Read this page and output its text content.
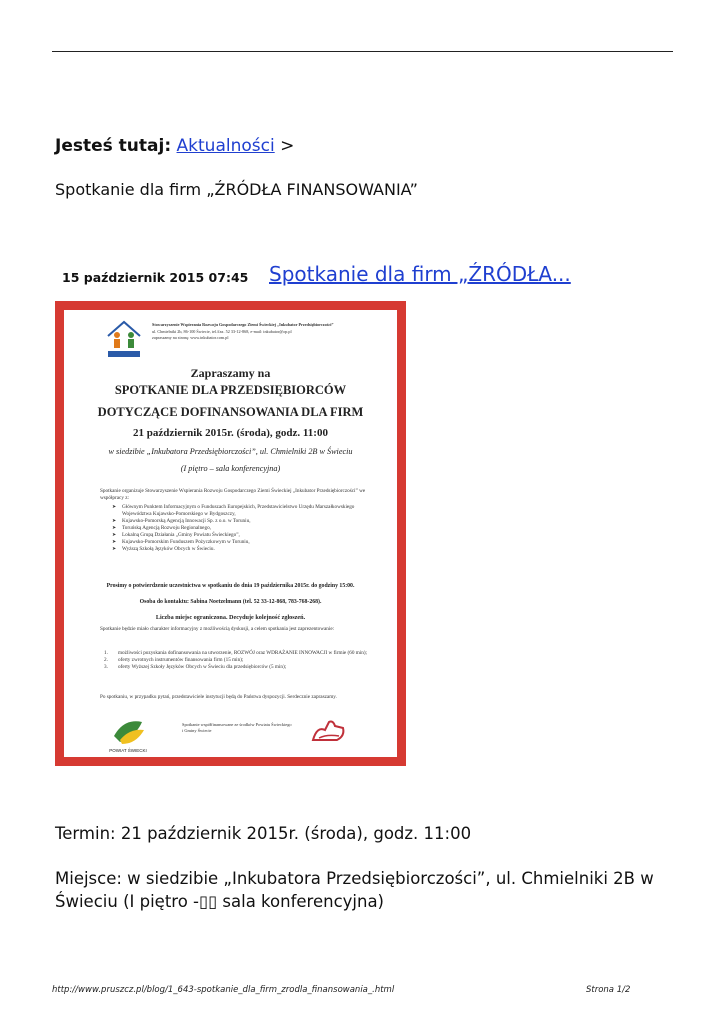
Jesteś tutaj: Aktualności >
Spotkanie dla firm „ŹRÓDŁA FINANSOWANIA”
15 październik 2015 07:45	Spotkanie dla firm „ŹRÓDŁA...
Stowarzyszenie Wspierania Rozwoju Gospodarczego Ziemi Świeckiej „Inkubator Przedsiębiorczości”
ul. Chmielniki 2b, 86-100 Świecie, tel./fax. 52 33-12-868, e-mail: inkubator@op.pl
zapraszamy na stronę: www.inkubator.com.pl
Zapraszamy na
SPOTKANIE DLA PRZEDSIĘBIORCÓW
DOTYCZĄCE DOFINANSOWANIA DLA FIRM
21 październik 2015r. (środa), godz. 11:00
w siedzibie „Inkubatora Przedsiębiorczości”, ul. Chmielniki 2B w Świeciu
(I piętro – sala konferencyjna)
Spotkanie organizuje Stowarzyszenie Wspierania Rozwoju Gospodarczego Ziemi Świeckiej „Inkubator Przedsiębiorczości” we współpracy z:
➤ Głównym Punktem Informacyjnym o Funduszach Europejskich, Przedstawicielstwo Urzędu Marszałkowskiego Województwa Kujawsko-Pomorskiego w Bydgoszczy,
➤ Kujawsko-Pomorską Agencją Innowacji Sp. z o.o. w Toruniu,
➤ Toruńską Agencją Rozwoju Regionalnego,
➤ Lokalną Grupą Działania „Gminy Powiatu Świeckiego”,
➤ Kujawsko-Pomorskim Funduszem Pożyczkowym w Toruniu,
➤ Wyższą Szkołą Języków Obcych w Świeciu.
Prosimy o potwierdzenie uczestnictwa w spotkaniu do dnia 19 października 2015r. do godziny 15:00.
Osoba do kontaktu: Sabina Noetzelmann (tel. 52 33-12-868, 783-768-268).
Liczba miejsc ograniczona. Decyduje kolejność zgłoszeń.
Spotkanie będzie miało charakter informacyjny z możliwością dyskusji, a celem spotkania jest zaprezentowanie:
1. możliwości pozyskania dofinansowania na utworzenie, ROZWÓJ oraz WDRAŻANIE INNOWACJI w firmie (60 min);
2. oferty zwrotnych instrumentów finansowania firm (15 min);
3. oferty Wyższej Szkoły Języków Obcych w Świeciu dla przedsiębiorców (5 min);
Po spotkaniu, w przypadku pytań, przedstawiciele instytucji będą do Państwa dyspozycji. Serdecznie zapraszamy.
POWIAT ŚWIECKI
Spotkanie współfinansowane ze środków Powiatu Świeckiego i Gminy Świecie
Termin: 21 październik 2015r. (środa), godz. 11:00
Miejsce: w siedzibie „Inkubatora Przedsiębiorczości”, ul. Chmielniki 2B w Świeciu (I piętro -▯▯ sala konferencyjna)
http://www.pruszcz.pl/blog/1_643-spotkanie_dla_firm_zrodla_finansowania_.html	Strona 1/2
